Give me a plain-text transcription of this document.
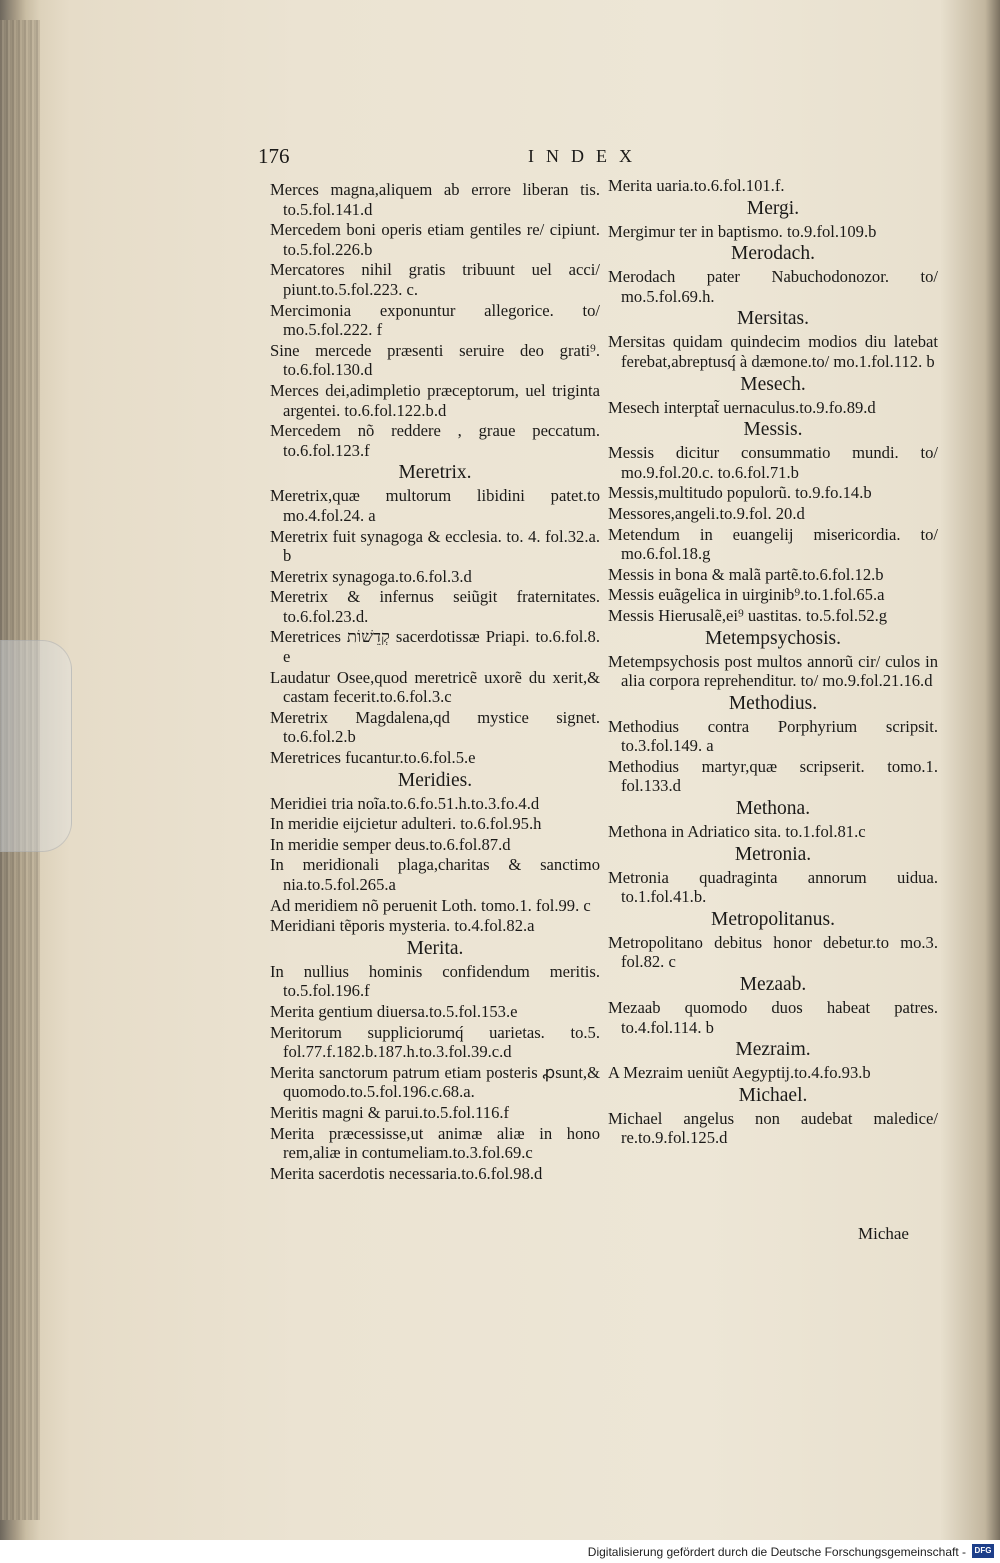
176	INDEX
Merces magna,aliquem ab errore liberan tis. to.5.fol.141.d
Mercedem boni operis etiam gentiles re/ cipiunt. to.5.fol.226.b
Mercatores nihil gratis tribuunt uel acci/ piunt.to.5.fol.223. c.
Mercimonia exponuntur allegorice. to/ mo.5.fol.222. f
Sine mercede præsenti seruire deo grati⁹. to.6.fol.130.d
Merces dei,adimpletio præceptorum, uel triginta argentei. to.6.fol.122.b.d
Mercedem nõ reddere , graue peccatum. to.6.fol.123.f
Meretrix.
Meretrix,quæ multorum libidini patet.to mo.4.fol.24. a
Meretrix fuit synagoga & ecclesia. to. 4. fol.32.a. b
Meretrix synagoga.to.6.fol.3.d
Meretrix & infernus seiũgit fraternitates. to.6.fol.23.d.
Meretrices קְדֵשׁוֹת sacerdotissæ Priapi. to.6.fol.8. e
Laudatur Osee,quod meretricẽ uxorẽ du xerit,& castam fecerit.to.6.fol.3.c
Meretrix Magdalena,qd mystice signet. to.6.fol.2.b
Meretrices fucantur.to.6.fol.5.e
Meridies.
Meridiei tria noĩa.to.6.fo.51.h.to.3.fo.4.d
In meridie eijcietur adulteri. to.6.fol.95.h
In meridie semper deus.to.6.fol.87.d
In meridionali plaga,charitas & sanctimo nia.to.5.fol.265.a
Ad meridiem nõ peruenit Loth. tomo.1. fol.99. c
Meridiani tẽporis mysteria. to.4.fol.82.a
Merita.
In nullius hominis confidendum meritis. to.5.fol.196.f
Merita gentium diuersa.to.5.fol.153.e
Meritorum suppliciorumq́ uarietas. to.5. fol.77.f.182.b.187.h.to.3.fol.39.c.d
Merita sanctorum patrum etiam posteris ꝓsunt,& quomodo.to.5.fol.196.c.68.a.
Meritis magni & parui.to.5.fol.116.f
Merita præcessisse,ut animæ aliæ in hono rem,aliæ in contumeliam.to.3.fol.69.c
Merita sacerdotis necessaria.to.6.fol.98.d
Merita uaria.to.6.fol.101.f.
Mergi.
Mergimur ter in baptismo. to.9.fol.109.b
Merodach.
Merodach pater Nabuchodonozor. to/ mo.5.fol.69.h.
Mersitas.
Mersitas quidam quindecim modios diu latebat ferebat,abreptusq́ à dæmone.to/ mo.1.fol.112. b
Mesech.
Mesech interptat̃ uernaculus.to.9.fo.89.d
Messis.
Messis dicitur consummatio mundi. to/ mo.9.fol.20.c. to.6.fol.71.b
Messis,multitudo populorũ. to.9.fo.14.b
Messores,angeli.to.9.fol. 20.d
Metendum in euangelij misericordia. to/ mo.6.fol.18.g
Messis in bona & malã partẽ.to.6.fol.12.b
Messis euãgelica in uirginib⁹.to.1.fol.65.a
Messis Hierusalẽ,ei⁹ uastitas. to.5.fol.52.g
Metempsychosis.
Metempsychosis post multos annorũ cir/ culos in alia corpora reprehenditur. to/ mo.9.fol.21.16.d
Methodius.
Methodius contra Porphyrium scripsit. to.3.fol.149. a
Methodius martyr,quæ scripserit. tomo.1. fol.133.d
Methona.
Methona in Adriatico sita. to.1.fol.81.c
Metronia.
Metronia quadraginta annorum uidua. to.1.fol.41.b.
Metropolitanus.
Metropolitano debitus honor debetur.to mo.3. fol.82. c
Mezaab.
Mezaab quomodo duos habeat patres. to.4.fol.114. b
Mezraim.
A Mezraim ueniũt Aegyptij.to.4.fo.93.b
Michael.
Michael angelus non audebat maledice/ re.to.9.fol.125.d
Michae
Digitalisierung gefördert durch die Deutsche Forschungsgemeinschaft -	DFG
